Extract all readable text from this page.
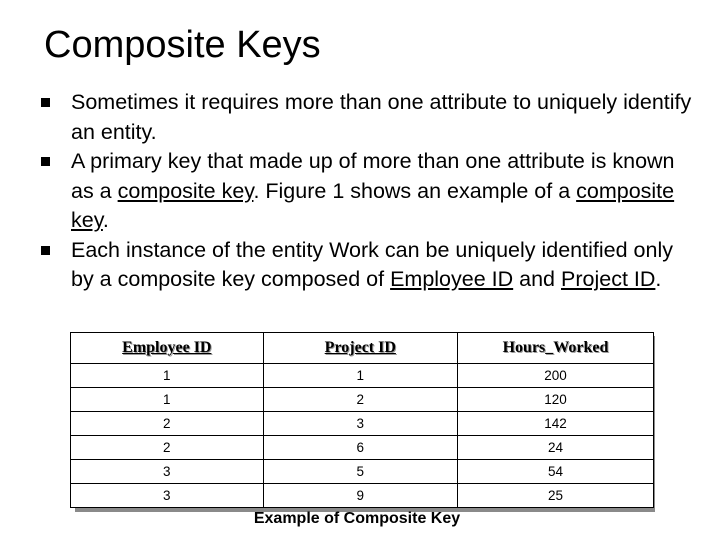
Composite Keys
Sometimes it requires more than one attribute to uniquely identify an entity.
A primary key that made up of more than one attribute is known as a composite key. Figure 1 shows an example of a composite key.
Each instance of the entity Work can be uniquely identified only by a composite key composed of Employee ID and Project ID.
Employee ID	Project ID	Hours_Worked
1	1	200
1	2	120
2	3	142
2	6	24
3	5	54
3	9	25
Example of Composite Key
